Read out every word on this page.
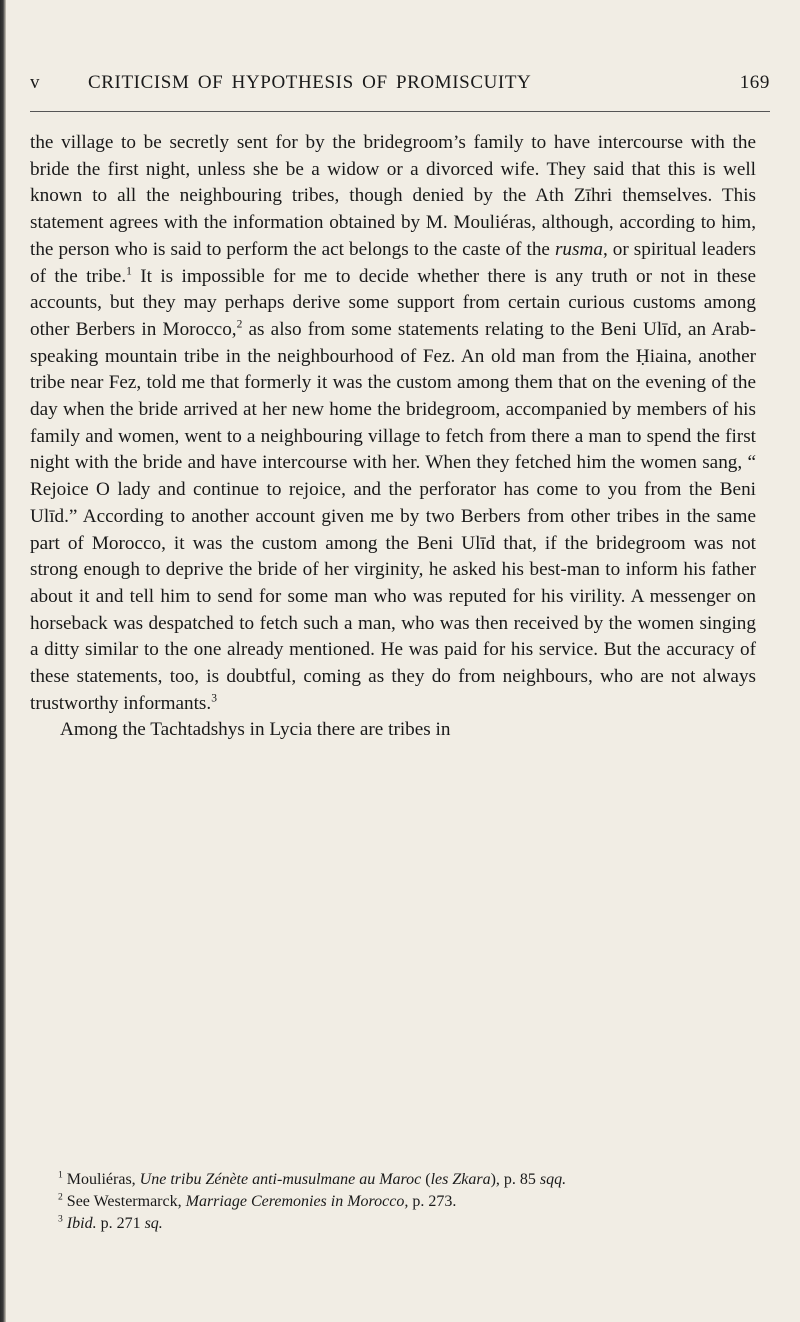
v	CRITICISM OF HYPOTHESIS OF PROMISCUITY	169

the village to be secretly sent for by the bridegroom’s family to have intercourse with the bride the first night, unless she be a widow or a divorced wife. They said that this is well known to all the neighbouring tribes, though denied by the Ath Zīhri themselves. This statement agrees with the information obtained by M. Mouliéras, although, according to him, the person who is said to perform the act belongs to the caste of the rusma, or spiritual leaders of the tribe.$^1$ It is impossible for me to decide whether there is any truth or not in these accounts, but they may perhaps derive some support from certain curious customs among other Berbers in Morocco,$^2$ as also from some statements relating to the Beni Ulīd, an Arab-speaking mountain tribe in the neighbourhood of Fez. An old man from the Ḥiaina, another tribe near Fez, told me that formerly it was the custom among them that on the evening of the day when the bride arrived at her new home the bridegroom, accompanied by members of his family and women, went to a neighbouring village to fetch from there a man to spend the first night with the bride and have intercourse with her. When they fetched him the women sang, “ Rejoice O lady and continue to rejoice, and the perforator has come to you from the Beni Ulīd.” According to another account given me by two Berbers from other tribes in the same part of Morocco, it was the custom among the Beni Ulīd that, if the bridegroom was not strong enough to deprive the bride of her virginity, he asked his best-man to inform his father about it and tell him to send for some man who was reputed for his virility. A messenger on horseback was despatched to fetch such a man, who was then received by the women singing a ditty similar to the one already mentioned. He was paid for his service. But the accuracy of these statements, too, is doubtful, coming as they do from neighbours, who are not always trustworthy informants.$^3$

Among the Tachtadshys in Lycia there are tribes in

$^1$ Mouliéras, Une tribu Zénète anti-musulmane au Maroc (les Zkara), p. 85 sqq.
$^2$ See Westermarck, Marriage Ceremonies in Morocco, p. 273.
$^3$ Ibid. p. 271 sq.
